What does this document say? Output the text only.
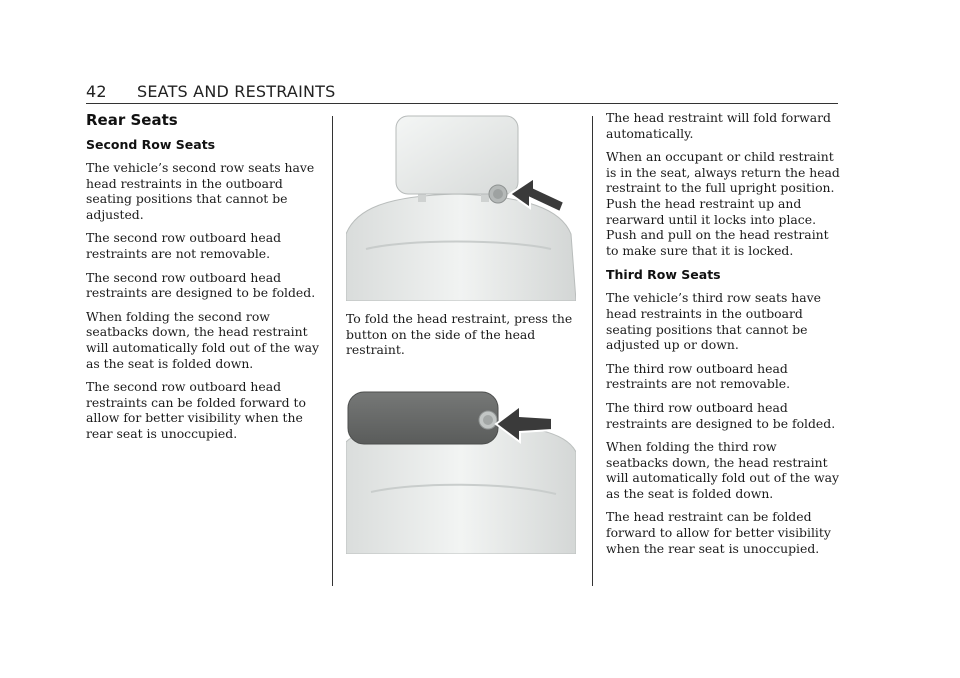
42 SEATS AND RESTRAINTS
Rear Seats
Second Row Seats

The vehicle’s second row seats have head restraints in the outboard seating positions that cannot be adjusted.

The second row outboard head restraints are not removable.

The second row outboard head restraints are designed to be folded.

When folding the second row seatbacks down, the head restraint will automatically fold out of the way as the seat is folded down.

The second row outboard head restraints can be folded forward to allow for better visibility when the rear seat is unoccupied.

To fold the head restraint, press the button on the side of the head restraint.

The head restraint will fold forward automatically.

When an occupant or child restraint is in the seat, always return the head restraint to the full upright position. Push the head restraint up and rearward until it locks into place. Push and pull on the head restraint to make sure that it is locked.

Third Row Seats

The vehicle’s third row seats have head restraints in the outboard seating positions that cannot be adjusted up or down.

The third row outboard head restraints are not removable.

The third row outboard head restraints are designed to be folded.

When folding the third row seatbacks down, the head restraint will automatically fold out of the way as the seat is folded down.

The head restraint can be folded forward to allow for better visibility when the rear seat is unoccupied.
